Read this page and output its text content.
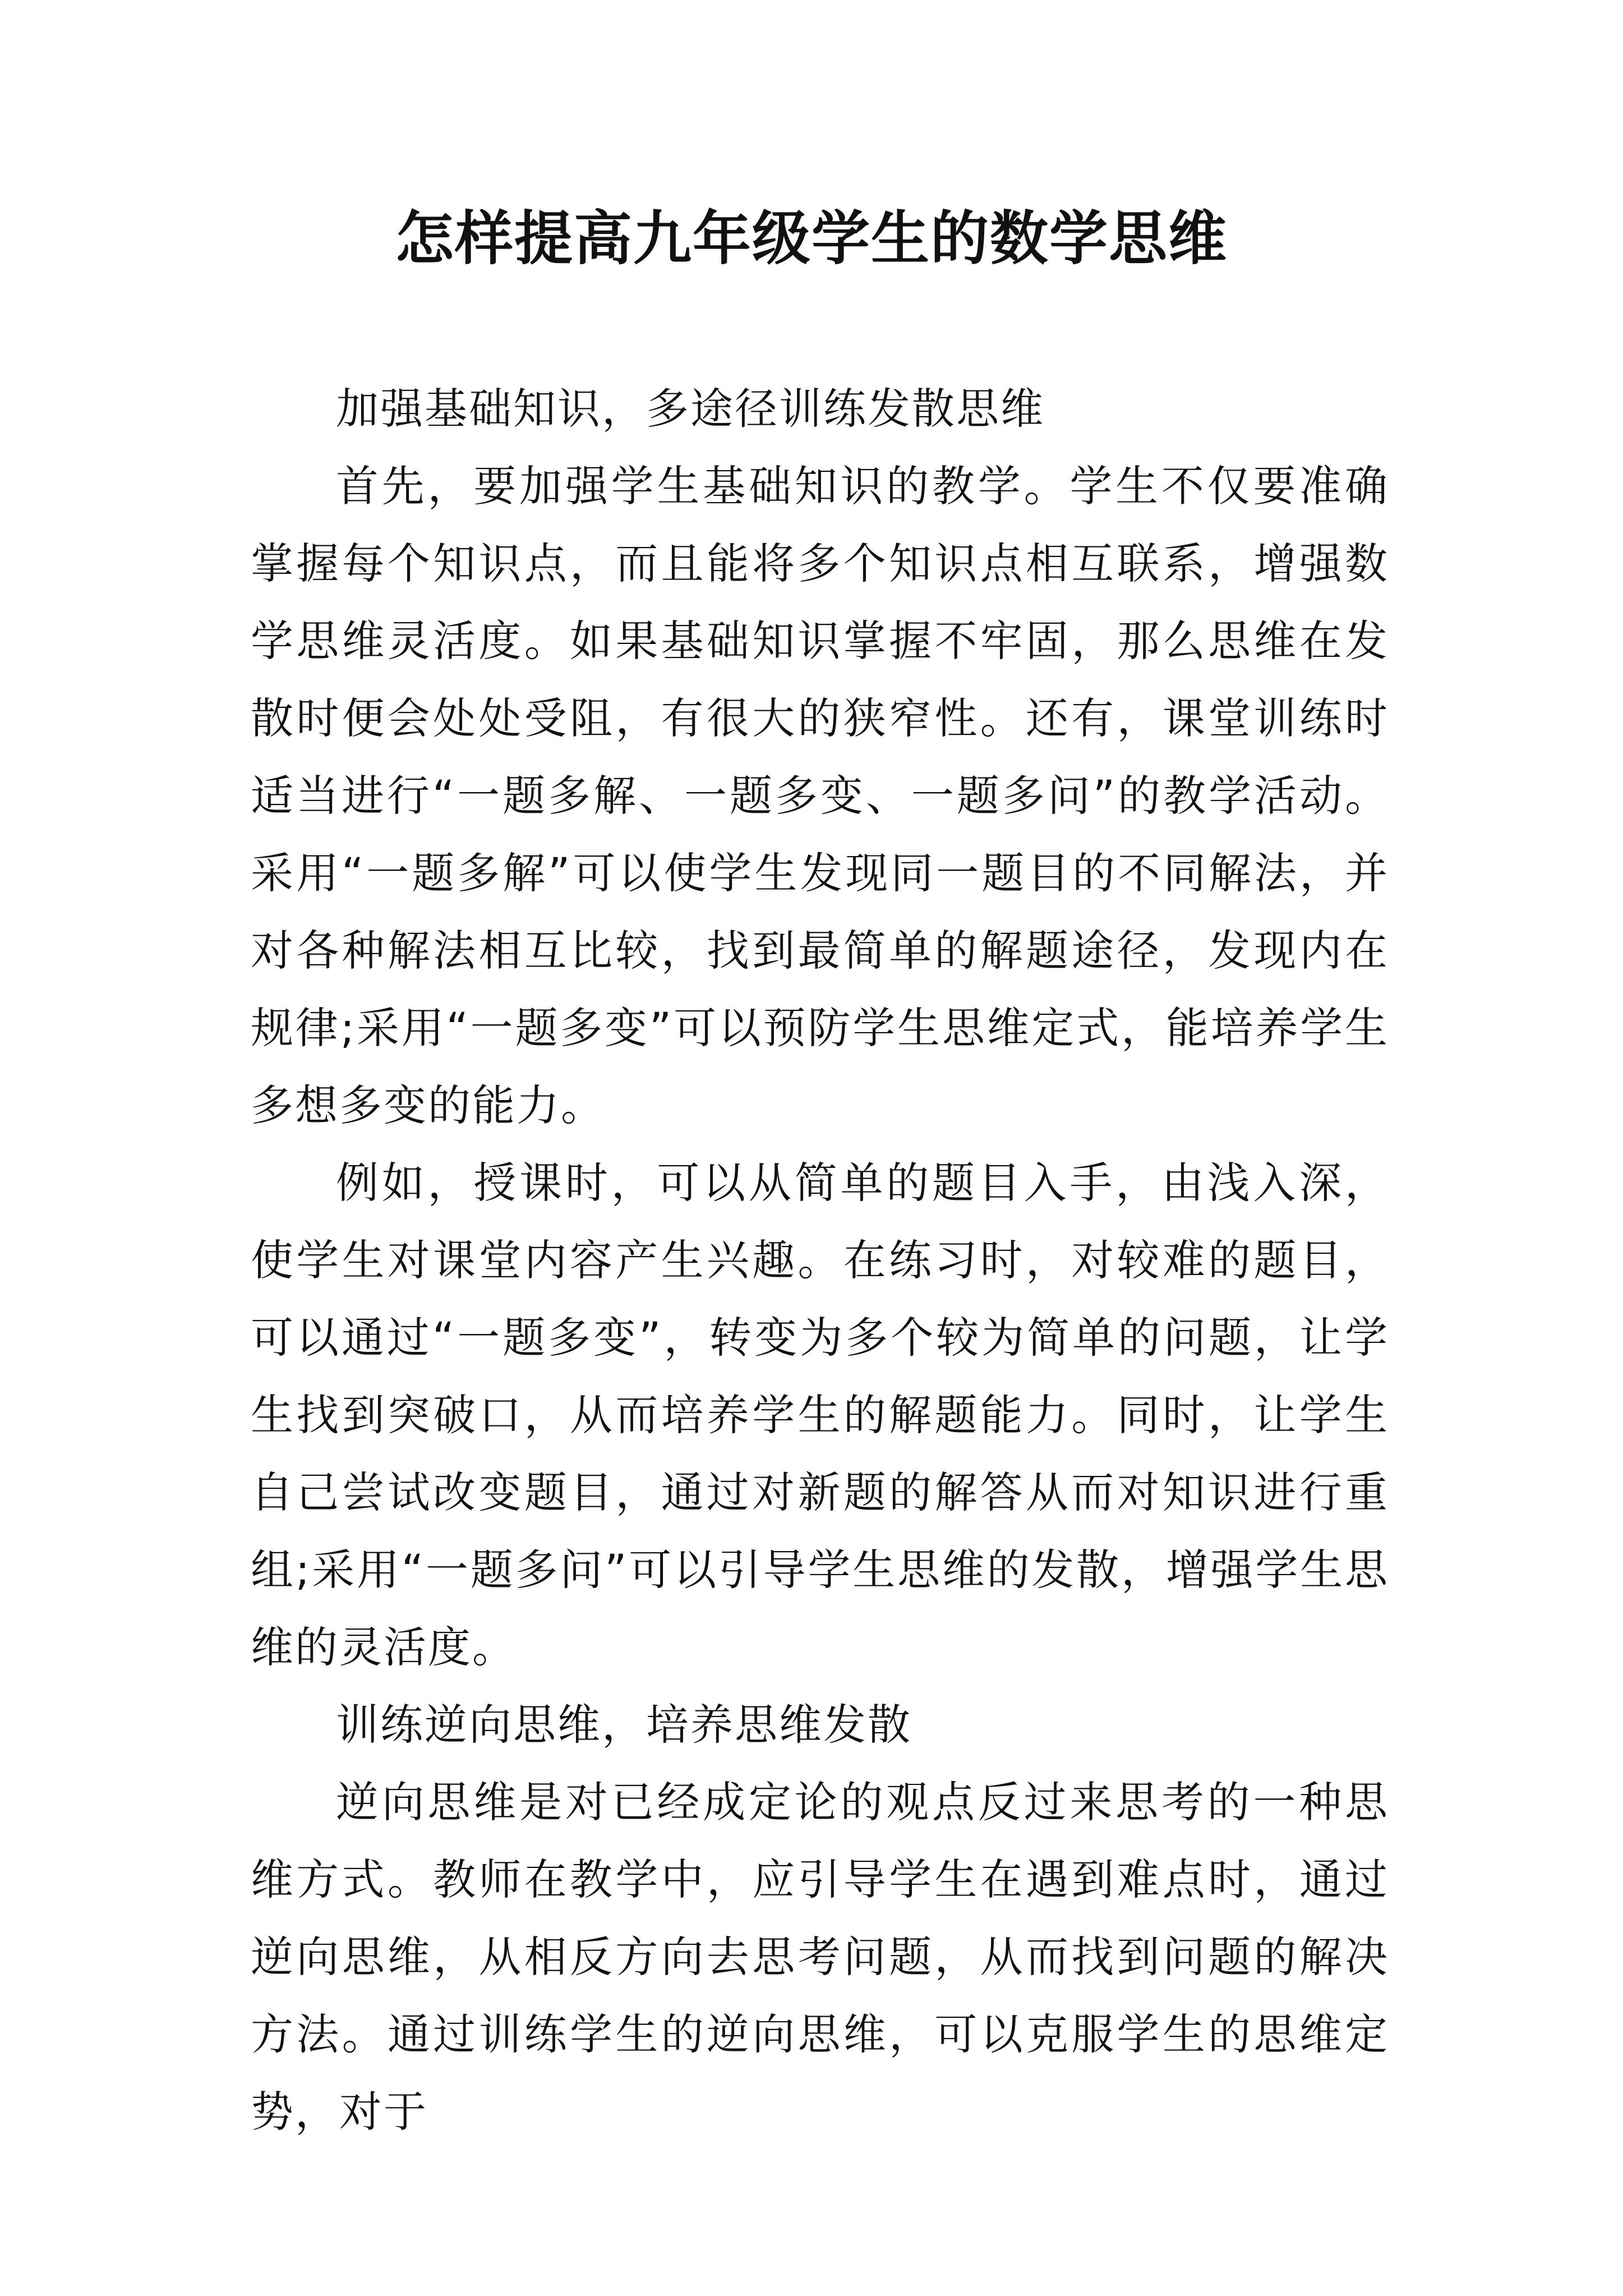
怎样提高九年级学生的数学思维

加强基础知识，多途径训练发散思维

首先，要加强学生基础知识的教学。学生不仅要准确掌握每个知识点，而且能将多个知识点相互联系，增强数学思维灵活度。如果基础知识掌握不牢固，那么思维在发散时便会处处受阻，有很大的狭窄性。还有，课堂训练时适当进行“一题多解、一题多变、一题多问”的教学活动。采用“一题多解”可以使学生发现同一题目的不同解法，并对各种解法相互比较，找到最简单的解题途径，发现内在规律;采用“一题多变”可以预防学生思维定式，能培养学生多想多变的能力。

例如，授课时，可以从简单的题目入手，由浅入深，使学生对课堂内容产生兴趣。在练习时，对较难的题目，可以通过“一题多变”，转变为多个较为简单的问题，让学生找到突破口，从而培养学生的解题能力。同时，让学生自己尝试改变题目，通过对新题的解答从而对知识进行重组;采用“一题多问”可以引导学生思维的发散，增强学生思维的灵活度。

训练逆向思维，培养思维发散

逆向思维是对已经成定论的观点反过来思考的一种思维方式。教师在教学中，应引导学生在遇到难点时，通过逆向思维，从相反方向去思考问题，从而找到问题的解决方法。通过训练学生的逆向思维，可以克服学生的思维定势，对于
